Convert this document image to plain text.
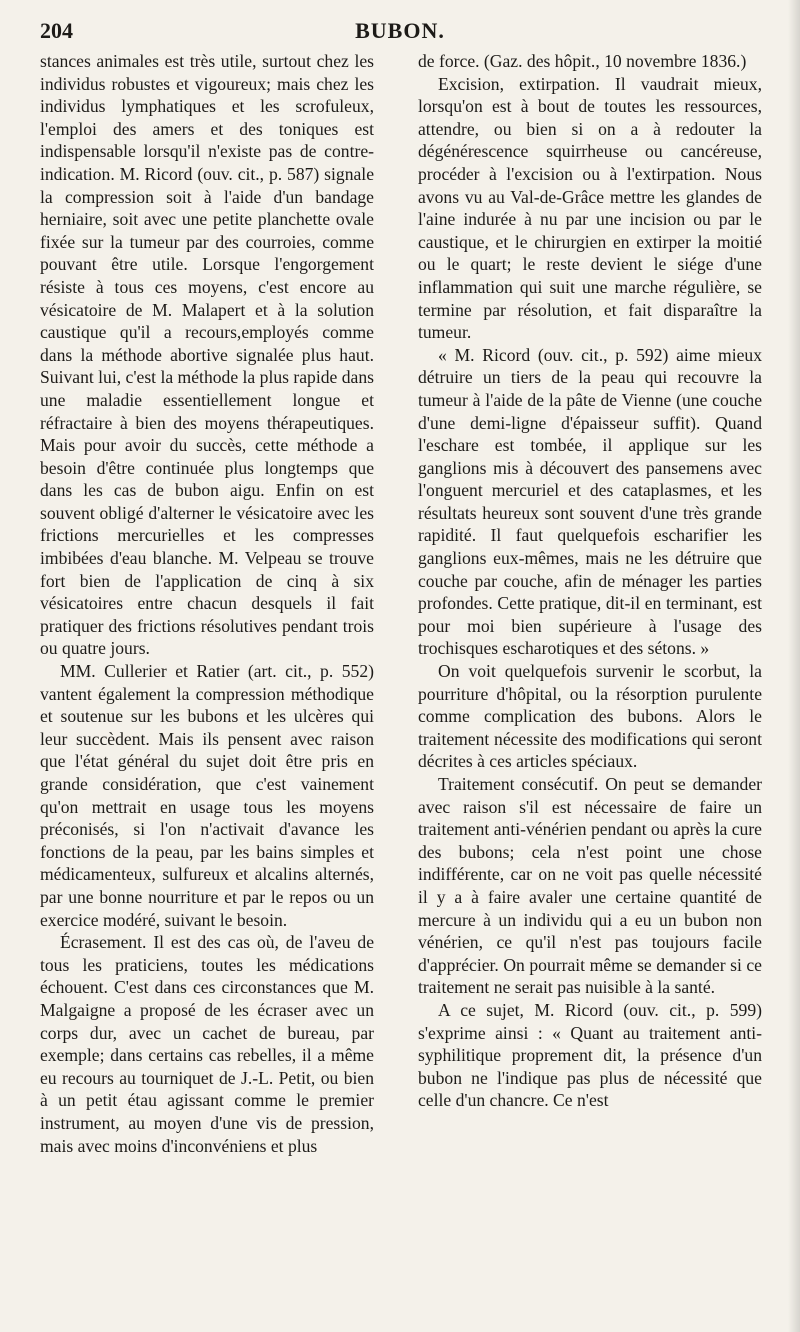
204	BUBON.

stances animales est très utile, surtout chez les individus robustes et vigoureux; mais chez les individus lymphatiques et les scrofuleux, l'emploi des amers et des toniques est indispensable lorsqu'il n'existe pas de contre-indication. M. Ricord (ouv. cit., p. 587) signale la compression soit à l'aide d'un bandage herniaire, soit avec une petite planchette ovale fixée sur la tumeur par des courroies, comme pouvant être utile. Lorsque l'engorgement résiste à tous ces moyens, c'est encore au vésicatoire de M. Malapert et à la solution caustique qu'il a recours,employés comme dans la méthode abortive signalée plus haut. Suivant lui, c'est la méthode la plus rapide dans une maladie essentiellement longue et réfractaire à bien des moyens thérapeutiques. Mais pour avoir du succès, cette méthode a besoin d'être continuée plus longtemps que dans les cas de bubon aigu. Enfin on est souvent obligé d'alterner le vésicatoire avec les frictions mercurielles et les compresses imbibées d'eau blanche. M. Velpeau se trouve fort bien de l'application de cinq à six vésicatoires entre chacun desquels il fait pratiquer des frictions résolutives pendant trois ou quatre jours.

MM. Cullerier et Ratier (art. cit., p. 552) vantent également la compression méthodique et soutenue sur les bubons et les ulcères qui leur succèdent. Mais ils pensent avec raison que l'état général du sujet doit être pris en grande considération, que c'est vainement qu'on mettrait en usage tous les moyens préconisés, si l'on n'activait d'avance les fonctions de la peau, par les bains simples et médicamenteux, sulfureux et alcalins alternés, par une bonne nourriture et par le repos ou un exercice modéré, suivant le besoin.

Écrasement. Il est des cas où, de l'aveu de tous les praticiens, toutes les médications échouent. C'est dans ces circonstances que M. Malgaigne a proposé de les écraser avec un corps dur, avec un cachet de bureau, par exemple; dans certains cas rebelles, il a même eu recours au tourniquet de J.-L. Petit, ou bien à un petit étau agissant comme le premier instrument, au moyen d'une vis de pression, mais avec moins d'inconvéniens et plus

de force. (Gaz. des hôpit., 10 novembre 1836.)

Excision, extirpation. Il vaudrait mieux, lorsqu'on est à bout de toutes les ressources, attendre, ou bien si on a à redouter la dégénérescence squirrheuse ou cancéreuse, procéder à l'excision ou à l'extirpation. Nous avons vu au Val-de-Grâce mettre les glandes de l'aine indurée à nu par une incision ou par le caustique, et le chirurgien en extirper la moitié ou le quart; le reste devient le siége d'une inflammation qui suit une marche régulière, se termine par résolution, et fait disparaître la tumeur.

« M. Ricord (ouv. cit., p. 592) aime mieux détruire un tiers de la peau qui recouvre la tumeur à l'aide de la pâte de Vienne (une couche d'une demi-ligne d'épaisseur suffit). Quand l'eschare est tombée, il applique sur les ganglions mis à découvert des pansemens avec l'onguent mercuriel et des cataplasmes, et les résultats heureux sont souvent d'une très grande rapidité. Il faut quelquefois escharifier les ganglions eux-mêmes, mais ne les détruire que couche par couche, afin de ménager les parties profondes. Cette pratique, dit-il en terminant, est pour moi bien supérieure à l'usage des trochisques escharotiques et des sétons. »

On voit quelquefois survenir le scorbut, la pourriture d'hôpital, ou la résorption purulente comme complication des bubons. Alors le traitement nécessite des modifications qui seront décrites à ces articles spéciaux.

Traitement consécutif. On peut se demander avec raison s'il est nécessaire de faire un traitement anti-vénérien pendant ou après la cure des bubons; cela n'est point une chose indifférente, car on ne voit pas quelle nécessité il y a à faire avaler une certaine quantité de mercure à un individu qui a eu un bubon non vénérien, ce qu'il n'est pas toujours facile d'apprécier. On pourrait même se demander si ce traitement ne serait pas nuisible à la santé.

A ce sujet, M. Ricord (ouv. cit., p. 599) s'exprime ainsi : « Quant au traitement anti-syphilitique proprement dit, la présence d'un bubon ne l'indique pas plus de nécessité que celle d'un chancre. Ce n'est
